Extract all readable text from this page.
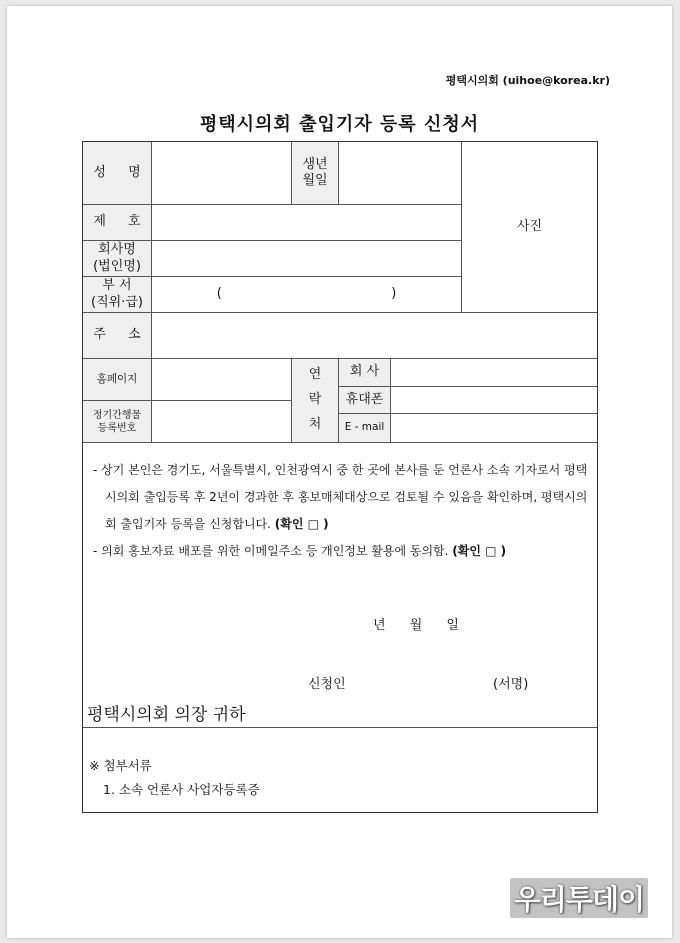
평택시의회 (uihoe@korea.kr)
평택시의회 출입기자 등록 신청서
성 명
생년
월일
사진
제 호
회사명
(법인명)
부 서
(직위·급)
(                                         )
주 소
홈페이지
정기간행물
등록번호
연
락
처
회 사
휴대폰
E - mail

- 상기 본인은 경기도, 서울특별시, 인천광역시 중 한 곳에 본사를 둔 언론사 소속 기자로서 평택시의회 출입등록 후 2년이 경과한 후 홍보매체대상으로 검토될 수 있음을 확인하며, 평택시의회 출입기자 등록을 신청합니다. (확인 □ )

- 의회 홍보자료 배포를 위한 이메일주소 등 개인정보 활용에 동의함. (확인 □ )

년 월 일
신청인	(서명)
평택시의회 의장 귀하
※ 첨부서류
1. 소속 언론사 사업자등록증
우리투데이
